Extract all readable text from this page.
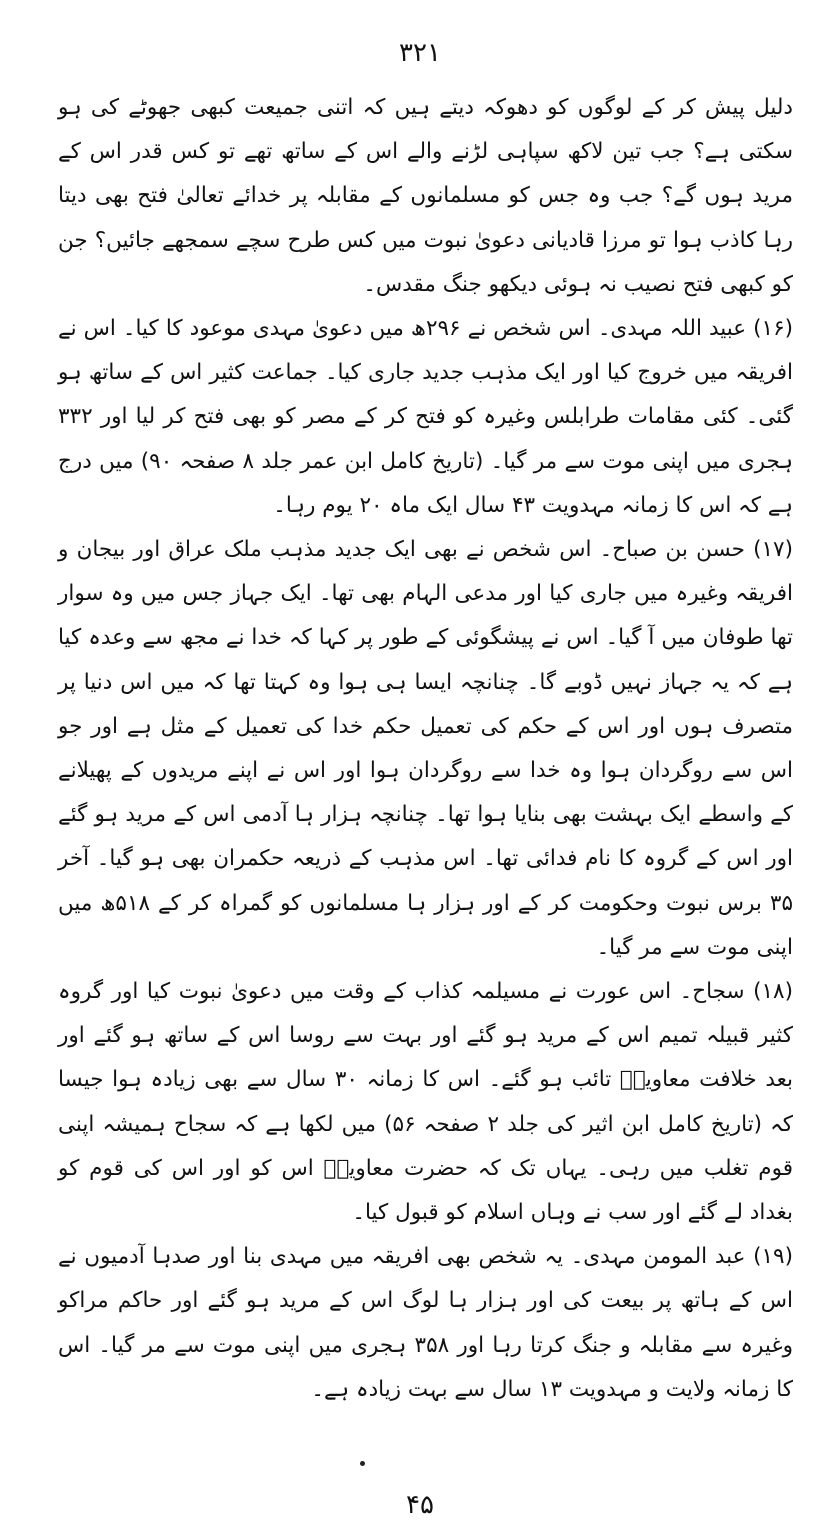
۳۲۱

دلیل پیش کر کے لوگوں کو دھوکہ دیتے ہیں کہ اتنی جمیعت کبھی جھوٹے کی ہو سکتی ہے؟ جب تین لاکھ سپاہی لڑنے والے اس کے ساتھ تھے تو کس قدر اس کے مرید ہوں گے؟ جب وہ جس کو مسلمانوں کے مقابلہ پر خدائے تعالیٰ فتح بھی دیتا رہا کاذب ہوا تو مرزا قادیانی دعویٰ نبوت میں کس طرح سچے سمجھے جائیں؟ جن کو کبھی فتح نصیب نہ ہوئی دیکھو جنگ مقدس۔

(۱۶) عبید اللہ مہدی۔ اس شخص نے ۲۹۶ھ میں دعویٰ مہدی موعود کا کیا۔ اس نے افریقہ میں خروج کیا اور ایک مذہب جدید جاری کیا۔ جماعت کثیر اس کے ساتھ ہو گئی۔ کئی مقامات طرابلس وغیرہ کو فتح کر کے مصر کو بھی فتح کر لیا اور ۳۳۲ ہجری میں اپنی موت سے مر گیا۔ (تاریخ کامل ابن عمر جلد ۸ صفحہ ۹۰) میں درج ہے کہ اس کا زمانہ مہدویت ۴۳ سال ایک ماہ ۲۰ یوم رہا۔

(۱۷) حسن بن صباح۔ اس شخص نے بھی ایک جدید مذہب ملک عراق اور بیجان و افریقہ وغیرہ میں جاری کیا اور مدعی الہام بھی تھا۔ ایک جہاز جس میں وہ سوار تھا طوفان میں آ گیا۔ اس نے پیشگوئی کے طور پر کہا کہ خدا نے مجھ سے وعدہ کیا ہے کہ یہ جہاز نہیں ڈوبے گا۔ چنانچہ ایسا ہی ہوا وہ کہتا تھا کہ میں اس دنیا پر متصرف ہوں اور اس کے حکم کی تعمیل حکم خدا کی تعمیل کے مثل ہے اور جو اس سے روگردان ہوا وہ خدا سے روگردان ہوا اور اس نے اپنے مریدوں کے پھیلانے کے واسطے ایک بہشت بھی بنایا ہوا تھا۔ چنانچہ ہزار ہا آدمی اس کے مرید ہو گئے اور اس کے گروہ کا نام فدائی تھا۔ اس مذہب کے ذریعہ حکمران بھی ہو گیا۔ آخر ۳۵ برس نبوت وحکومت کر کے اور ہزار ہا مسلمانوں کو گمراہ کر کے ۵۱۸ھ میں اپنی موت سے مر گیا۔

(۱۸) سجاح۔ اس عورت نے مسیلمہ کذاب کے وقت میں دعویٰ نبوت کیا اور گروہ کثیر قبیلہ تمیم اس کے مرید ہو گئے اور بہت سے روسا اس کے ساتھ ہو گئے اور بعد خلافت معاویہؓ تائب ہو گئے۔ اس کا زمانہ ۳۰ سال سے بھی زیادہ ہوا جیسا کہ (تاریخ کامل ابن اثیر کی جلد ۲ صفحہ ۵۶) میں لکھا ہے کہ سجاح ہمیشہ اپنی قوم تغلب میں رہی۔ یہاں تک کہ حضرت معاویہؓ اس کو اور اس کی قوم کو بغداد لے گئے اور سب نے وہاں اسلام کو قبول کیا۔

(۱۹) عبد المومن مہدی۔ یہ شخص بھی افریقہ میں مہدی بنا اور صدہا آدمیوں نے اس کے ہاتھ پر بیعت کی اور ہزار ہا لوگ اس کے مرید ہو گئے اور حاکم مراکو وغیرہ سے مقابلہ و جنگ کرتا رہا اور ۳۵۸ ہجری میں اپنی موت سے مر گیا۔ اس کا زمانہ ولایت و مہدویت ۱۳ سال سے بہت زیادہ ہے۔

۴۵
